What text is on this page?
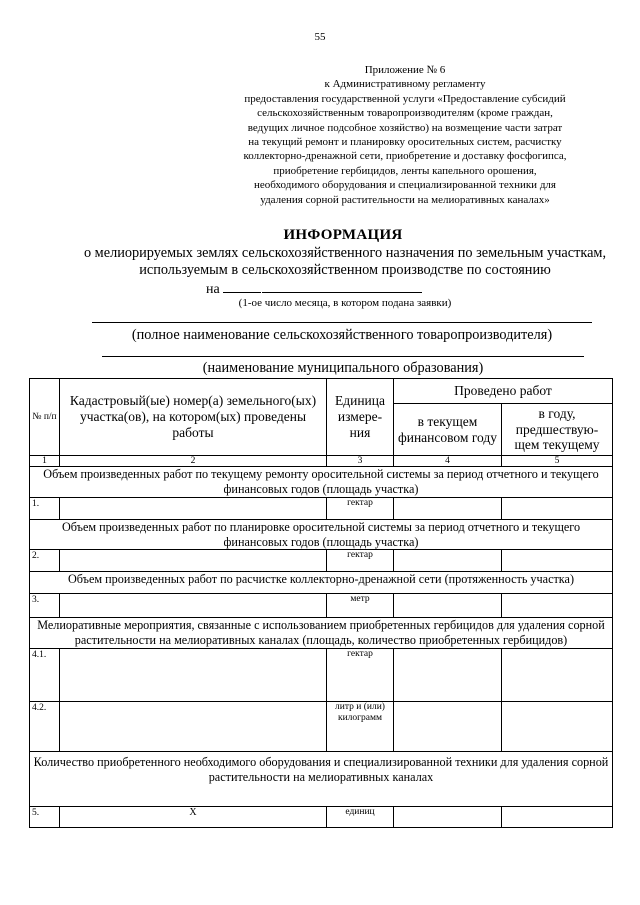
55
Приложение № 6
к Административному регламенту
предоставления государственной услуги «Предоставление субсидий
сельскохозяйственным товаропроизводителям (кроме граждан,
ведущих личное подсобное хозяйство) на возмещение части затрат
на текущий ремонт и планировку оросительных систем, расчистку
коллекторно-дренажной сети, приобретение и доставку фосфогипса,
приобретение гербицидов, ленты капельного орошения,
необходимого оборудования и специализированной техники для
удаления сорной растительности на мелиоративных каналах»
ИНФОРМАЦИЯ
о мелиорируемых землях сельскохозяйственного назначения по земельным участкам, используемым в сельскохозяйственном производстве по состоянию
на
(1-ое число месяца, в котором подана заявки)
(полное наименование сельскохозяйственного товаропроизводителя)
(наименование муниципального образования)
№ п/п	Кадастровый(ые) номер(а) земельного(ых) участка(ов), на котором(ых) проведены работы	Единица измере-ния	Проведено работ	
			в текущем финансовом году	в году, предшествую-щем текущему
1	2	3	4	5
Объем произведенных работ по текущему ремонту оросительной системы за период отчетного и текущего финансовых годов (площадь участка)				
1.		гектар		
Объем произведенных работ по планировке оросительной системы за период отчетного и текущего финансовых годов (площадь участка)				
2.		гектар		
Объем произведенных работ по расчистке коллекторно-дренажной сети (протяженность участка)				
3.		метр		
Мелиоративные мероприятия, связанные с использованием приобретенных гербицидов для удаления сорной растительности на мелиоративных каналах (площадь, количество приобретенных гербицидов)				
4.1.		гектар		
4.2.		литр и (или) килограмм		
Количество приобретенного необходимого оборудования и специализированной техники для удаления сорной растительности на мелиоративных каналах				
5.	Х	единиц		
